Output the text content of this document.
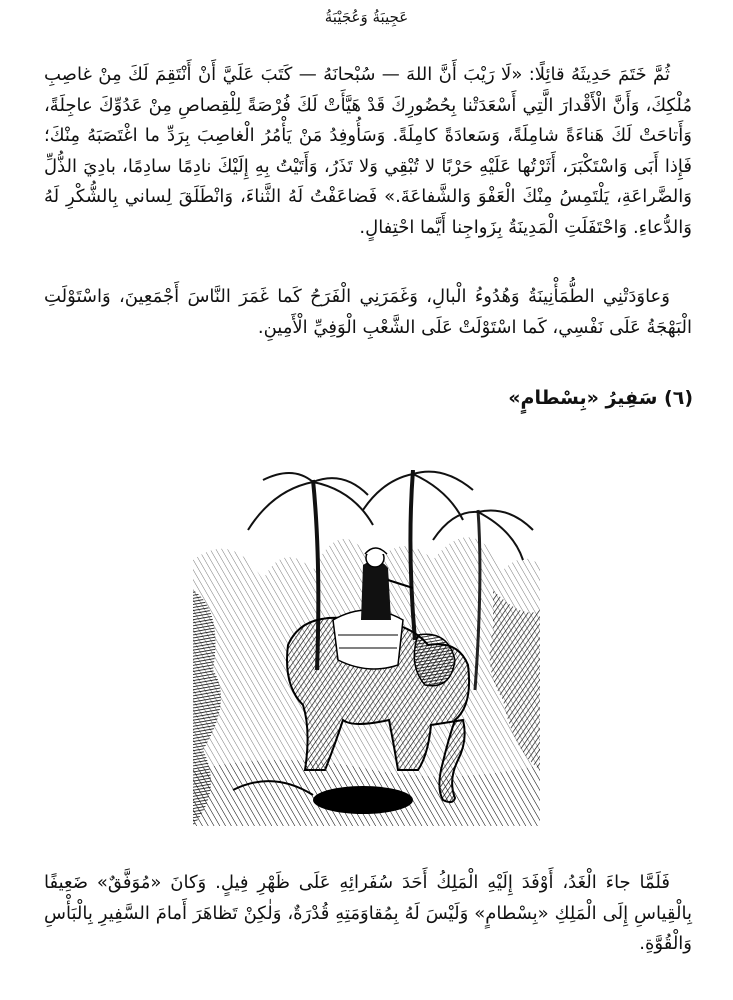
عَجِيبَةُ وَعُجَيْبَةُ

ثُمَّ خَتَمَ حَدِيثَهُ قائِلًا: «لَا رَيْبَ أَنَّ اللهَ — سُبْحانَهُ — كَتَبَ عَلَيَّ أَنْ أَنْتَقِمَ لَكَ مِنْ غاصِبِ مُلْكِكَ، وَأَنَّ الْأَقْدارَ الَّتِي أَسْعَدَتْنا بِحُضُورِكَ قَدْ هَيَّأَتْ لَكَ فُرْصَةً لِلْقِصاصِ مِنْ عَدُوِّكَ عاجِلَةً، وَأَتاحَتْ لَكَ هَناءَةً شامِلَةً، وَسَعادَةً كامِلَةً. وَسَأُوفِدُ مَنْ يَأْمُرُ الْغاصِبَ بِرَدِّ ما اغْتَصَبَهُ مِنْكَ؛ فَإِذا أَبَى وَاسْتَكْبَرَ، أَثَرْتُها عَلَيْهِ حَرْبًا لا تُبْقِي وَلا تَذَرُ، وَأَتَيْتُ بِهِ إِلَيْكَ نادِمًا سادِمًا، بادِيَ الذُّلِّ وَالضَّراعَةِ، يَلْتَمِسُ مِنْكَ الْعَفْوَ وَالشَّفاعَةَ.» فَضاعَفْتُ لَهُ الثَّناءَ، وَانْطَلَقَ لِساني بِالشُّكْرِ لَهُ وَالدُّعاءِ. وَاحْتَفَلَتِ الْمَدِينَةُ بِزَواجِنا أَيَّما احْتِفالٍ.

وَعاوَدَتْنِي الطُّمَأْنِينَةُ وَهُدُوءُ الْبالِ، وَغَمَرَنِي الْفَرَحُ كَما غَمَرَ النَّاسَ أَجْمَعِينَ، وَاسْتَوْلَتِ الْبَهْجَةُ عَلَى نَفْسِي، كَما اسْتَوْلَتْ عَلَى الشَّعْبِ الْوَفِيِّ الْأَمِينِ.

(٦) سَفِيرُ «بِسْطامٍ»

فَلَمَّا جاءَ الْغَدُ، أَوْفَدَ إِلَيْهِ الْمَلِكُ أَحَدَ سُفَرائِهِ عَلَى ظَهْرِ فِيلٍ. وَكانَ «مُوَفَّقٌ» ضَعِيفًا بِالْقِياسِ إِلَى الْمَلِكِ «بِسْطامٍ» وَلَيْسَ لَهُ بِمُقاوَمَتِهِ قُدْرَةٌ، وَلٰكِنْ تَظاهَرَ أَمامَ السَّفِيرِ بِالْبَأْسِ وَالْقُوَّةِ.
